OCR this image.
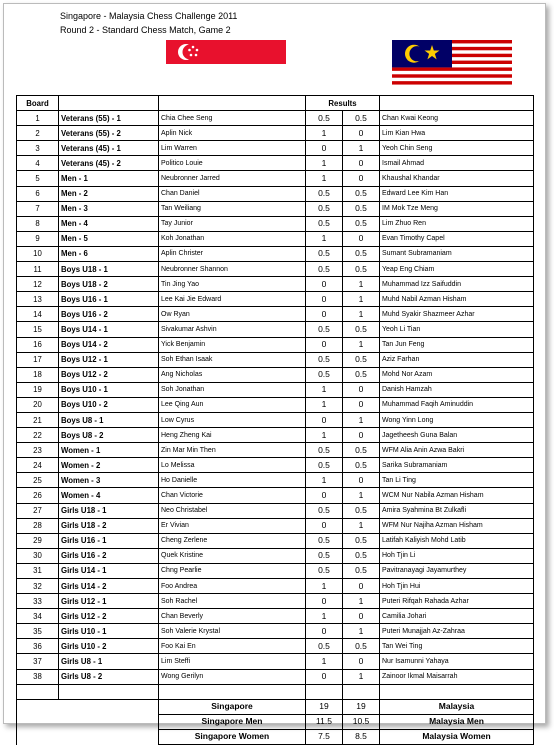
Singapore - Malaysia Chess Challenge 2011
Round 2 - Standard Chess Match, Game 2
Board			Results		
1	Veterans (55) - 1	Chia Chee Seng	0.5	0.5	Chan Kwai Keong
2	Veterans (55) - 2	Aplin Nick	1	0	Lim Kian Hwa
3	Veterans (45) - 1	Lim Warren	0	1	Yeoh Chin Seng
4	Veterans (45) - 2	Politico Louie	1	0	Ismail Ahmad
5	Men - 1	Neubronner Jarred	1	0	Khaushal Khandar
6	Men - 2	Chan Daniel	0.5	0.5	Edward Lee Kim Han
7	Men - 3	Tan Weiliang	0.5	0.5	IM Mok Tze Meng
8	Men - 4	Tay Junior	0.5	0.5	Lim Zhuo Ren
9	Men - 5	Koh Jonathan	1	0	Evan Timothy Capel
10	Men - 6	Aplin Christer	0.5	0.5	Sumant Subramaniam
11	Boys U18 - 1	Neubronner Shannon	0.5	0.5	Yeap Eng Chiam
12	Boys U18 - 2	Tin Jing Yao	0	1	Muhammad Izz Saifuddin
13	Boys U16 - 1	Lee Kai Jie Edward	0	1	Muhd Nabil Azman Hisham
14	Boys U16 - 2	Ow Ryan	0	1	Muhd Syakir Shazmeer Azhar
15	Boys U14 - 1	Sivakumar Ashvin	0.5	0.5	Yeoh Li Tian
16	Boys U14 - 2	Yick Benjamin	0	1	Tan Jun Feng
17	Boys U12 - 1	Soh Ethan Isaak	0.5	0.5	Aziz Farhan
18	Boys U12 - 2	Ang Nicholas	0.5	0.5	Mohd Nor Azam
19	Boys U10 - 1	Soh Jonathan	1	0	Danish Hamzah
20	Boys U10 - 2	Lee Qing Aun	1	0	Muhammad Faqih Aminuddin
21	Boys U8 - 1	Low Cyrus	0	1	Wong Yinn Long
22	Boys U8 - 2	Heng Zheng Kai	1	0	Jagetheesh Guna Balan
23	Women - 1	Zin Mar Min Then	0.5	0.5	WFM Alia Anin Azwa Bakri
24	Women - 2	Lo Melissa	0.5	0.5	Sarika Subramaniam
25	Women - 3	Ho Danielle	1	0	Tan Li Ting
26	Women - 4	Chan Victorie	0	1	WCM Nur Nabila Azman Hisham
27	Girls U18 - 1	Neo Christabel	0.5	0.5	Amira Syahmina Bt Zulkafli
28	Girls U18 - 2	Er Vivian	0	1	WFM Nur Najiha Azman Hisham
29	Girls U16 - 1	Cheng Zerlene	0.5	0.5	Latifah Kaliyish Mohd Latib
30	Girls U16 - 2	Quek Kristine	0.5	0.5	Hoh Tjin Li
31	Girls U14 - 1	Chng Pearlie	0.5	0.5	Pavitranayagi Jayamurthey
32	Girls U14 - 2	Foo Andrea	1	0	Hoh Tjin Hui
33	Girls U12 - 1	Soh Rachel	0	1	Puteri Rifqah Rahada Azhar
34	Girls U12 - 2	Chan Beverly	1	0	Camilia Johari
35	Girls U10 - 1	Soh Valerie Krystal	0	1	Puteri Munajjah Az-Zahraa
36	Girls U10 - 2	Foo Kai En	0.5	0.5	Tan Wei Ting
37	Girls U8 - 1	Lim Steffi	1	0	Nur Isamunni Yahaya
38	Girls U8 - 2	Wong Gerilyn	0	1	Zainoor Ikmal Maisarrah

		Singapore	19	19	Malaysia
		Singapore Men	11.5	10.5	Malaysia Men
		Singapore Women	7.5	8.5	Malaysia Women
